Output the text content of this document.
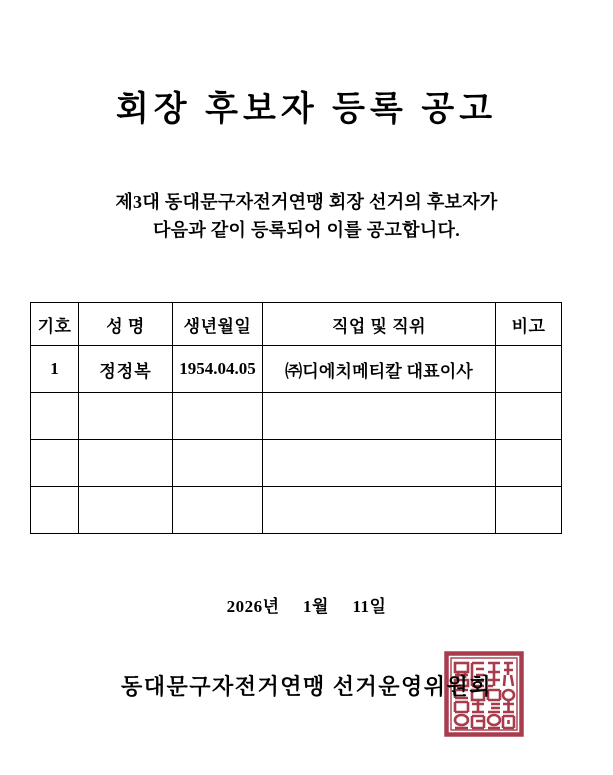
회장 후보자 등록 공고
제3대 동대문구자전거연맹 회장 선거의 후보자가
다음과 같이 등록되어 이를 공고합니다.
기호	성 명	생년월일	직업 및 직위	비고
1	정정복	1954.04.05	㈜디에치메티칼 대표이사	

2026년 1월 11일
동대문구자전거연맹 선거운영위원회
